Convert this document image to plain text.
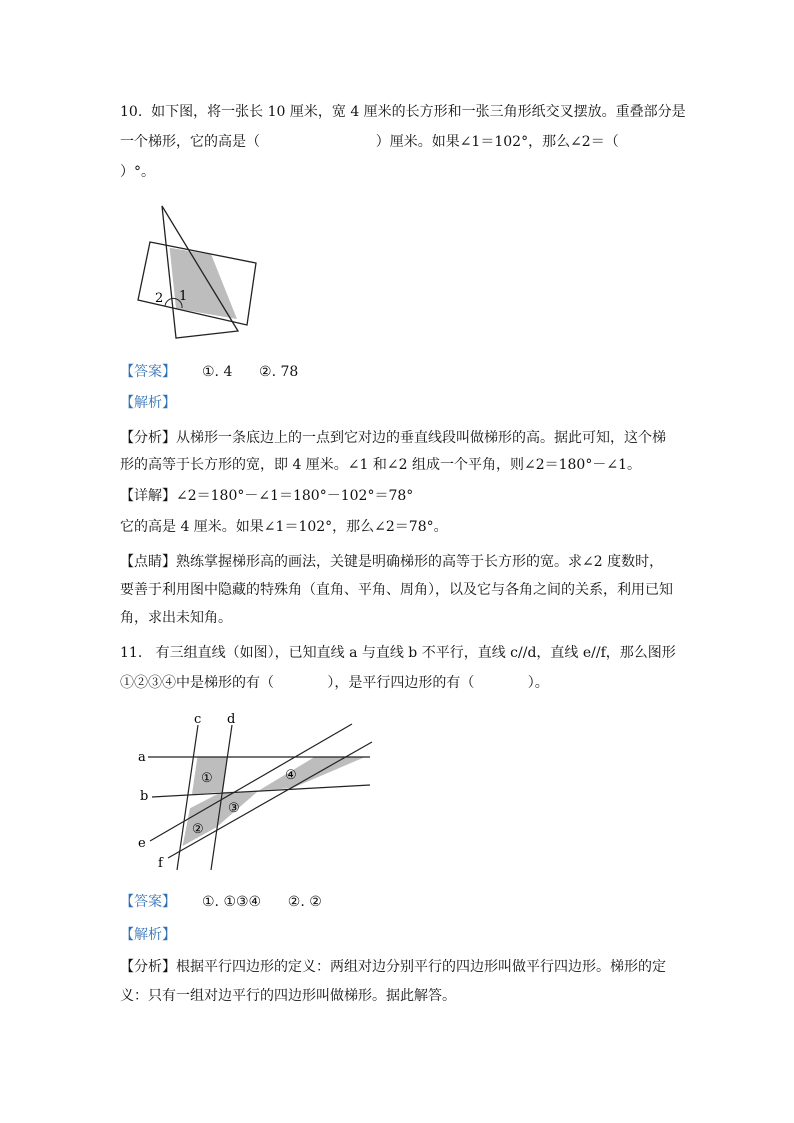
10.  如下图，将一张长 10 厘米，宽 4 厘米的长方形和一张三角形纸交叉摆放。重叠部分是
一个梯形，它的高是（                          ）厘米。如果∠1＝102°，那么∠2＝（
）°。
2 1
【答案】 ①. 4      ②. 78
【解析】
【分析】从梯形一条底边上的一点到它对边的垂直线段叫做梯形的高。据此可知，这个梯
形的高等于长方形的宽，即 4 厘米。∠1 和∠2 组成一个平角，则∠2＝180°－∠1。
【详解】∠2＝180°－∠1＝180°－102°＝78°
它的高是 4 厘米。如果∠1＝102°，那么∠2＝78°。
【点睛】熟练掌握梯形高的画法，关键是明确梯形的高等于长方形的宽。求∠2 度数时，
要善于利用图中隐藏的特殊角（直角、平角、周角），以及它与各角之间的关系，利用已知
角，求出未知角。
11.   有三组直线（如图），已知直线 a 与直线 b 不平行，直线 c//d，直线 e//f，那么图形
①②③④中是梯形的有（            ），是平行四边形的有（            ）。
a
b
c d
e
f
①
②
③
④
【答案】 ①. ①③④      ②. ②
【解析】
【分析】根据平行四边形的定义：两组对边分别平行的四边形叫做平行四边形。梯形的定
义：只有一组对边平行的四边形叫做梯形。据此解答。
